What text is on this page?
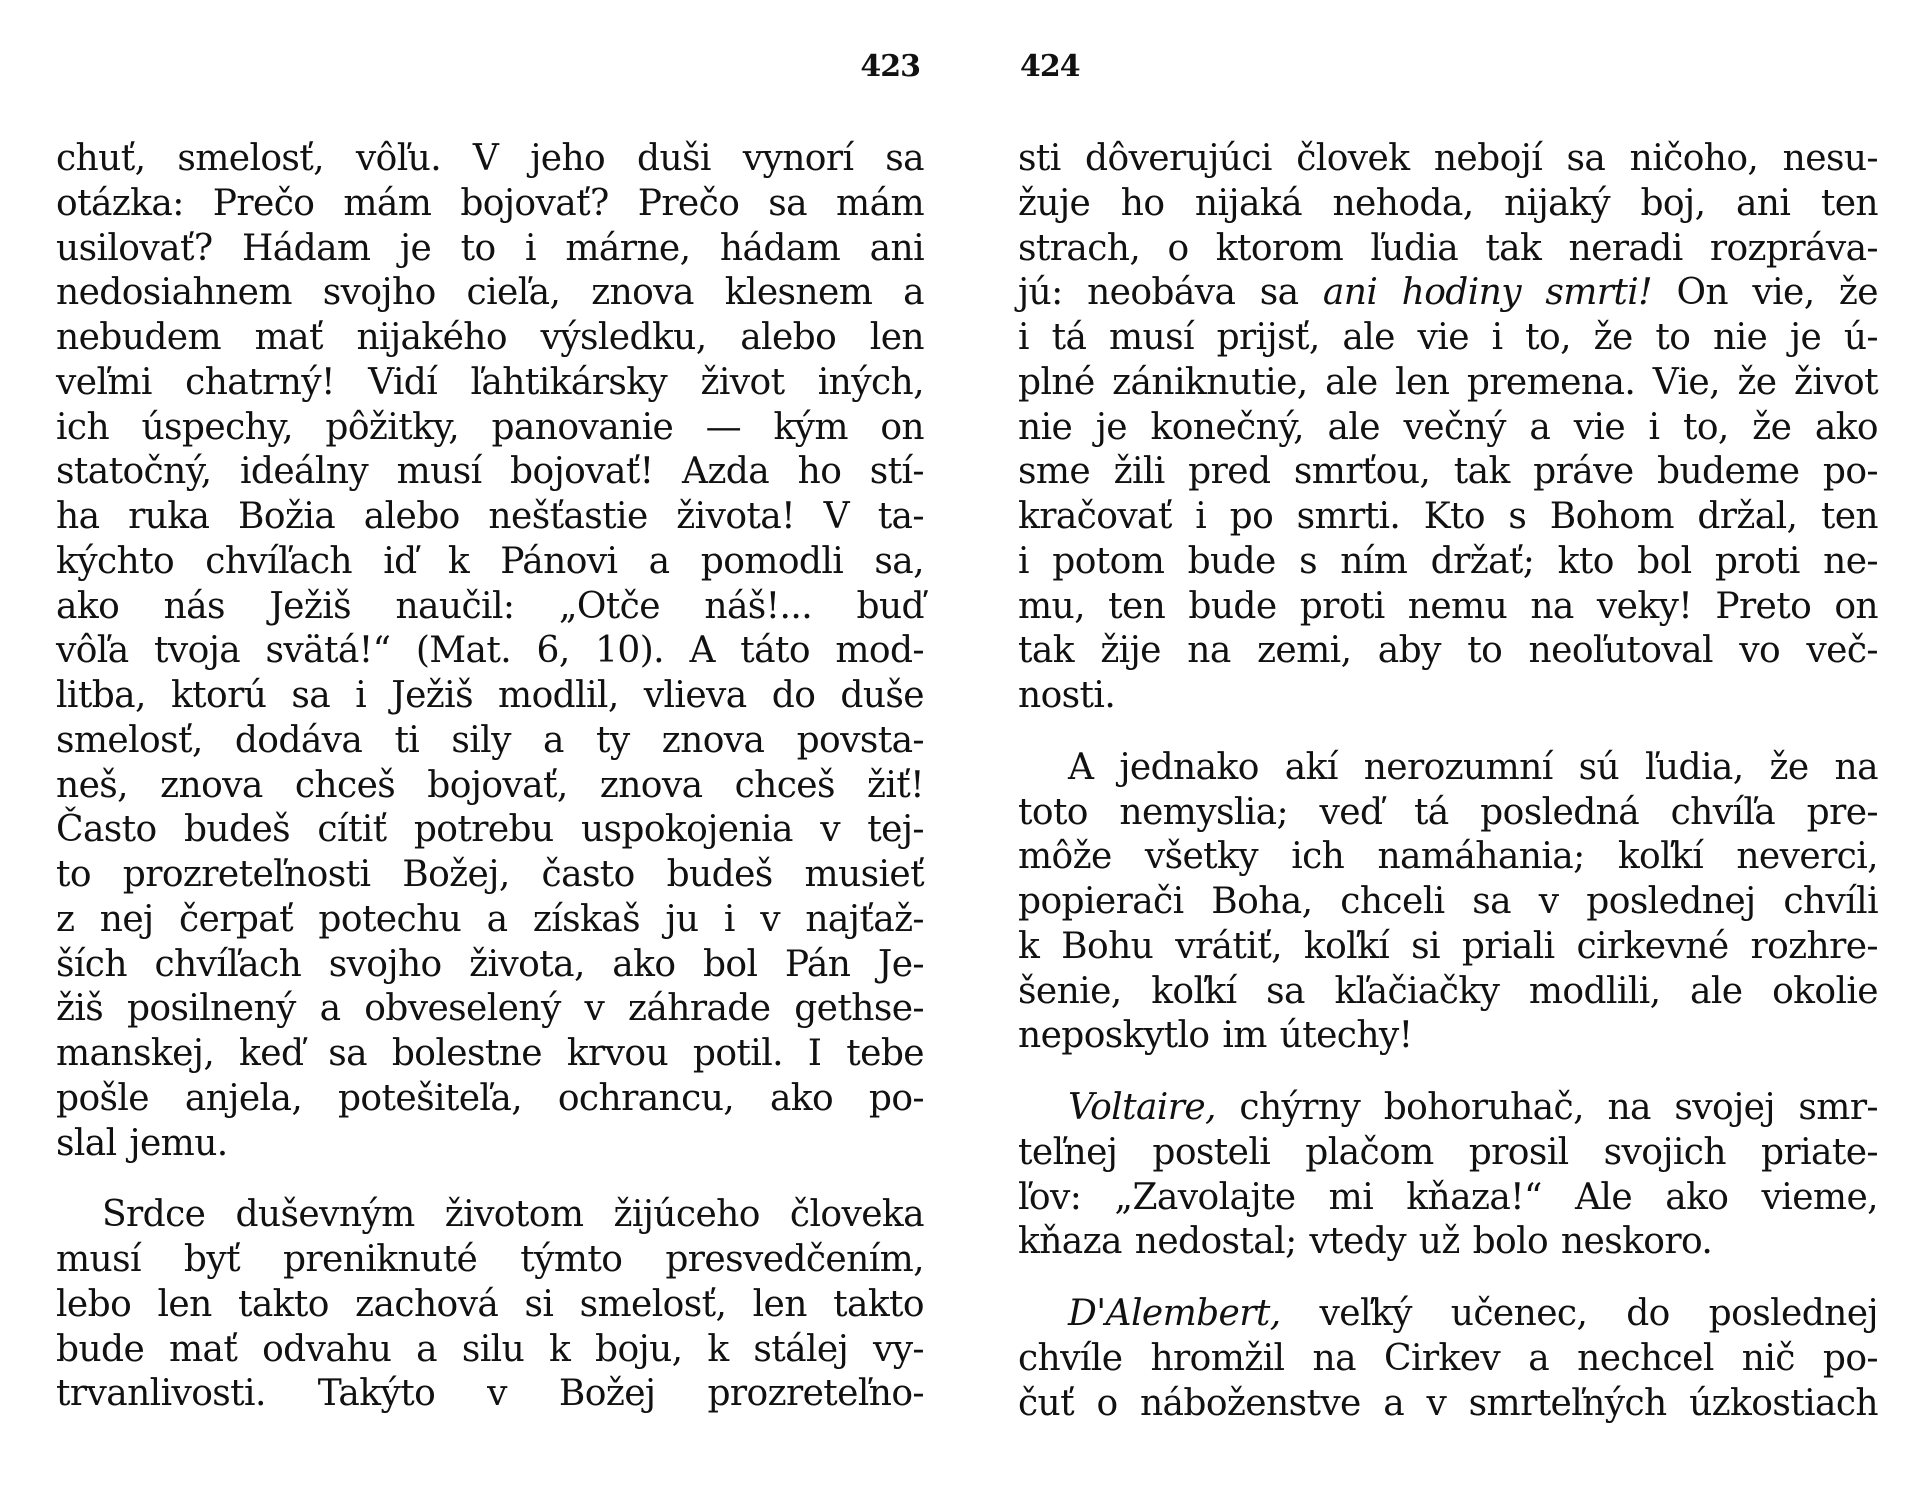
423
chuť, smelosť, vôľu. V jeho duši vynorí sa
otázka: Prečo mám bojovať? Prečo sa mám
usilovať? Hádam je to i márne, hádam ani
nedosiahnem svojho cieľa, znova klesnem a
nebudem mať nijakého výsledku, alebo len
veľmi chatrný! Vidí ľahtikársky život iných,
ich úspechy, pôžitky, panovanie — kým on
statočný, ideálny musí bojovať! Azda ho stí-
ha ruka Božia alebo nešťastie života! V ta-
kýchto chvíľach iď k Pánovi a pomodli sa,
ako nás Ježiš naučil: „Otče náš!... buď
vôľa tvoja svätá!“ (Mat. 6, 10). A táto mod-
litba, ktorú sa i Ježiš modlil, vlieva do duše
smelosť, dodáva ti sily a ty znova povsta-
neš, znova chceš bojovať, znova chceš žiť!
Často budeš cítiť potrebu uspokojenia v tej-
to prozreteľnosti Božej, často budeš musieť
z nej čerpať potechu a získaš ju i v najťaž-
ších chvíľach svojho života, ako bol Pán Je-
žiš posilnený a obveselený v záhrade gethse-
manskej, keď sa bolestne krvou potil. I tebe
pošle anjela, potešiteľa, ochrancu, ako po-
slal jemu.
Srdce duševným životom žijúceho človeka
musí byť preniknuté týmto presvedčením,
lebo len takto zachová si smelosť, len takto
bude mať odvahu a silu k boju, k stálej vy-
trvanlivosti. Takýto v Božej prozreteľno-
424
sti dôverujúci človek nebojí sa ničoho, nesu-
žuje ho nijaká nehoda, nijaký boj, ani ten
strach, o ktorom ľudia tak neradi rozpráva-
jú: neobáva sa ani hodiny smrti! On vie, že
i tá musí prijsť, ale vie i to, že to nie je ú-
plné zániknutie, ale len premena. Vie, že život
nie je konečný, ale večný a vie i to, že ako
sme žili pred smrťou, tak práve budeme po-
kračovať i po smrti. Kto s Bohom držal, ten
i potom bude s ním držať; kto bol proti ne-
mu, ten bude proti nemu na veky! Preto on
tak žije na zemi, aby to neoľutoval vo več-
nosti.
A jednako akí nerozumní sú ľudia, že na
toto nemyslia; veď tá posledná chvíľa pre-
môže všetky ich namáhania; koľkí neverci,
popierači Boha, chceli sa v poslednej chvíli
k Bohu vrátiť, koľkí si priali cirkevné rozhre-
šenie, koľkí sa kľačiačky modlili, ale okolie
neposkytlo im útechy!
Voltaire, chýrny bohoruhač, na svojej smr-
teľnej posteli plačom prosil svojich priate-
ľov: „Zavolajte mi kňaza!“ Ale ako vieme,
kňaza nedostal; vtedy už bolo neskoro.
D'Alembert, veľký učenec, do poslednej
chvíle hromžil na Cirkev a nechcel nič po-
čuť o náboženstve a v smrteľných úzkostiach
